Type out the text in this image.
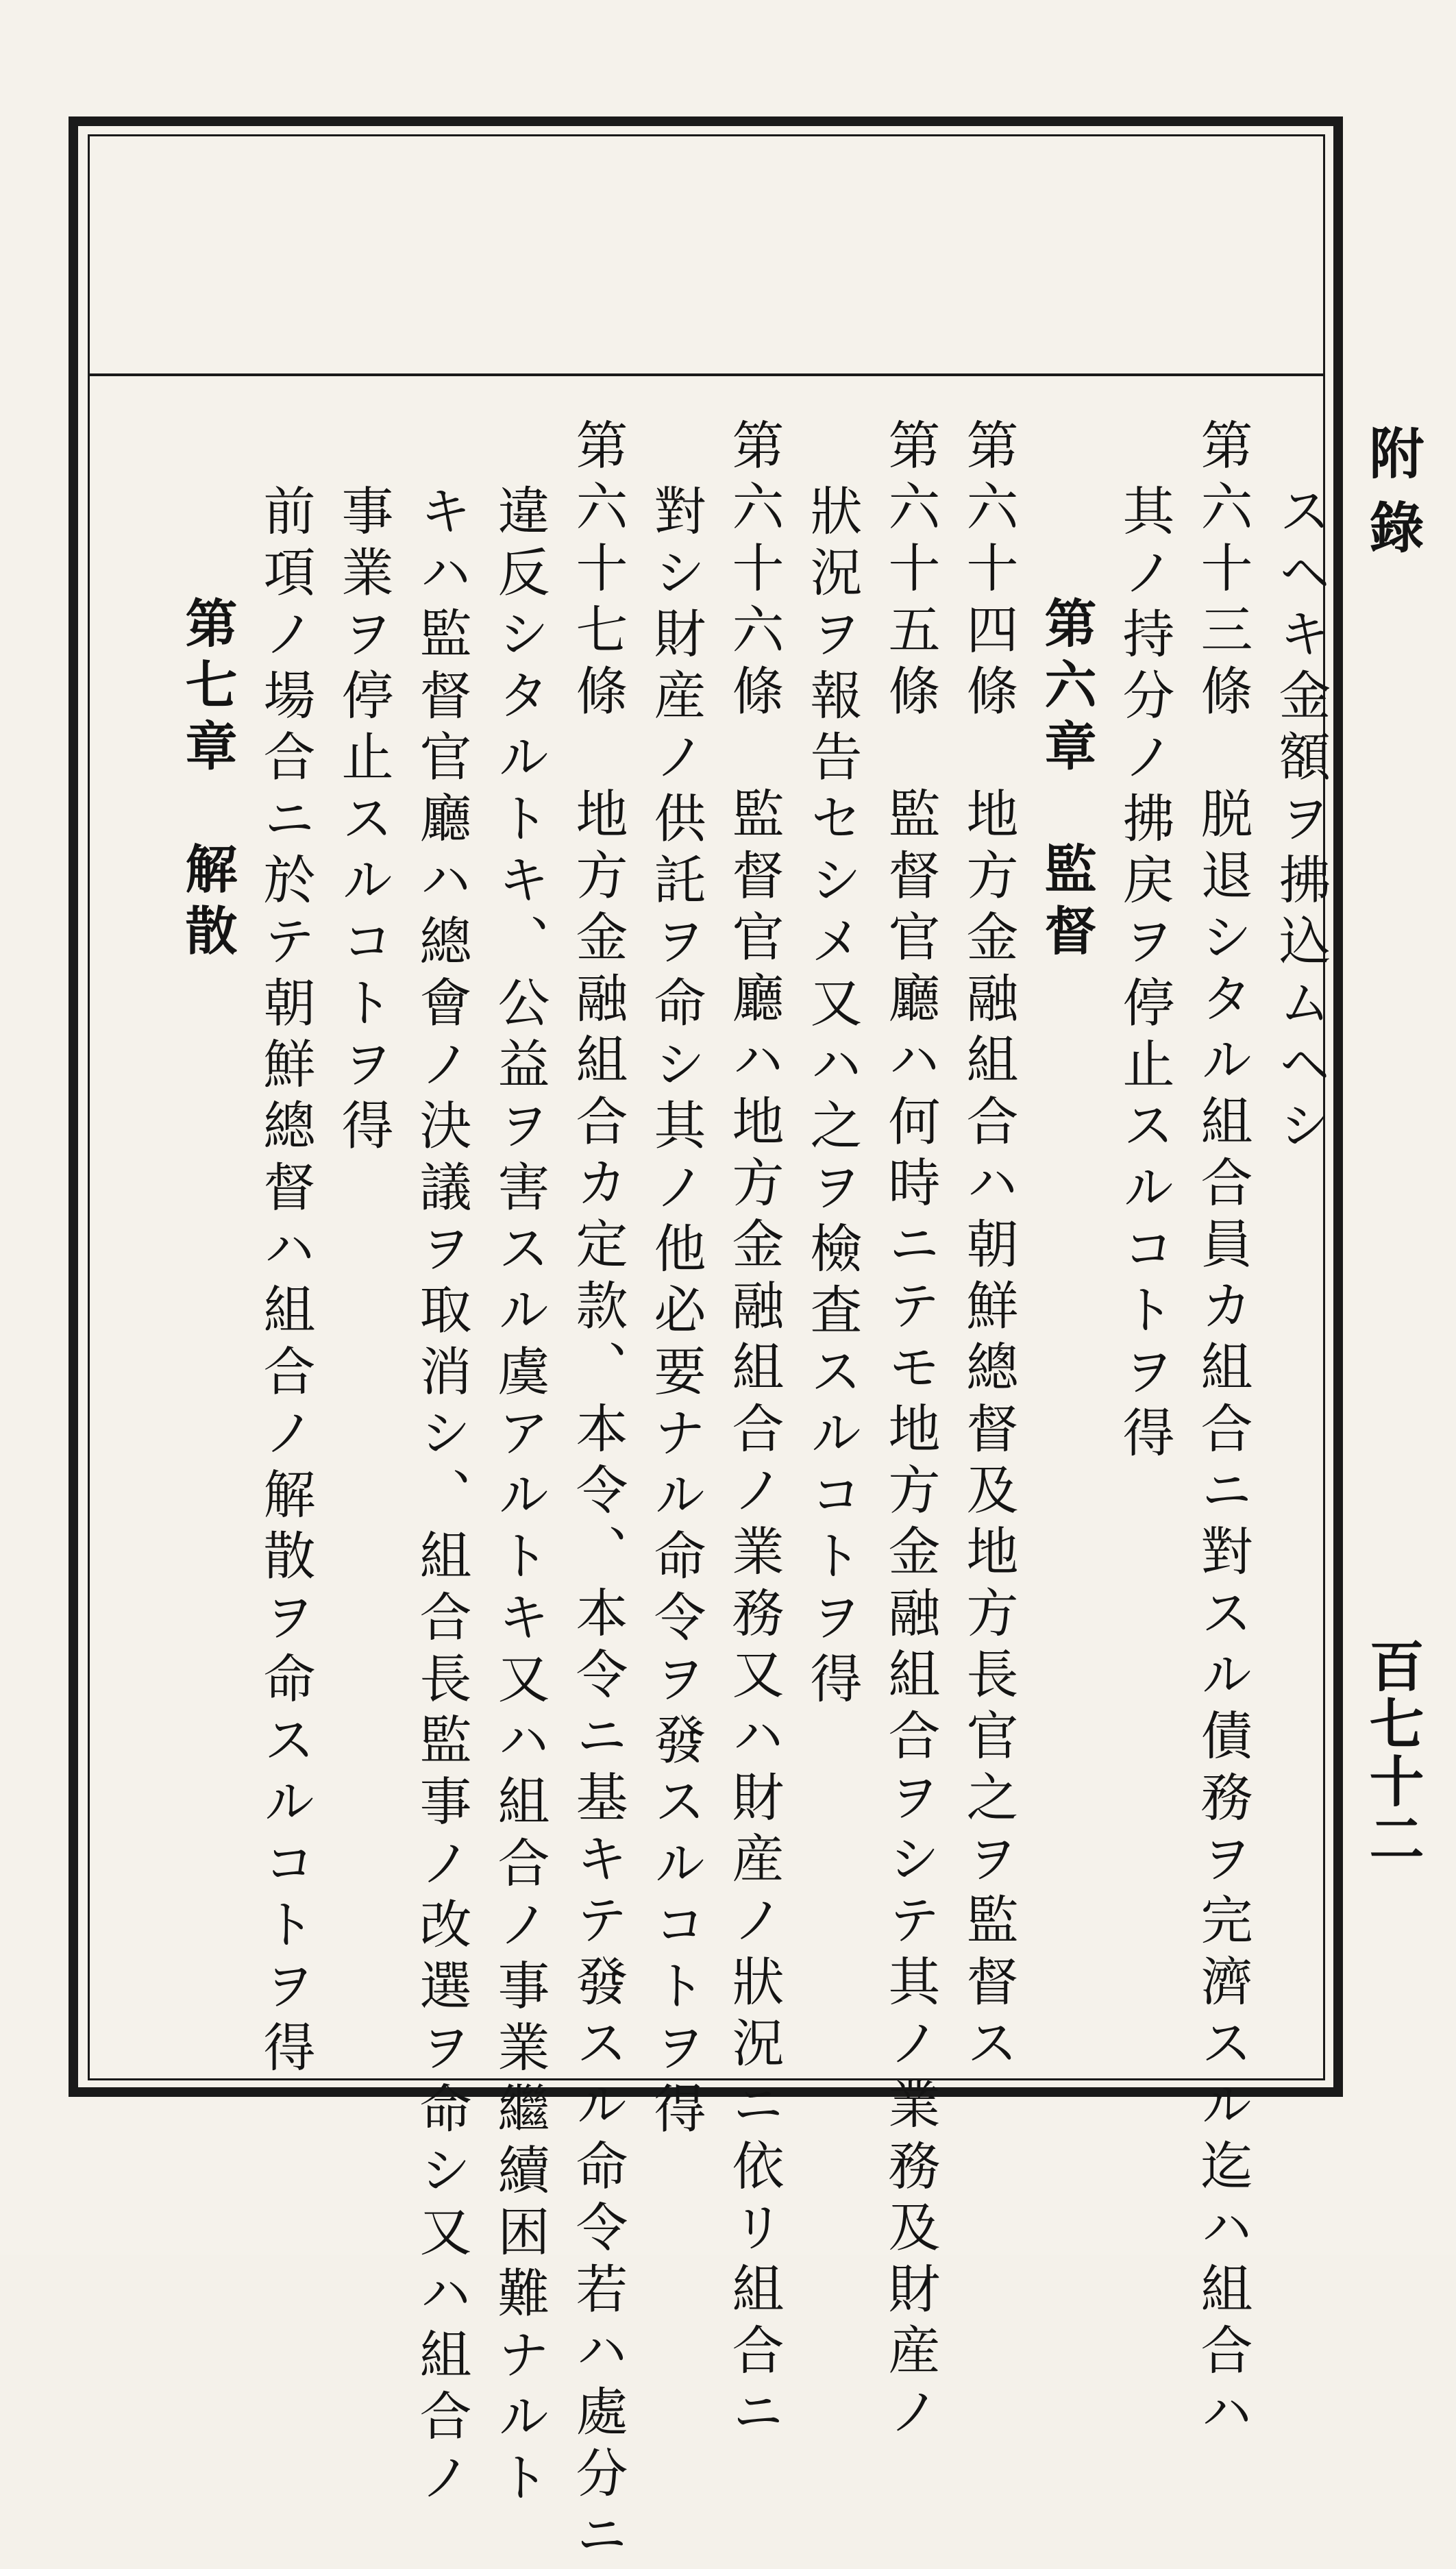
スヘキ金額ヲ拂込ムヘシ
第六十三條　脱退シタル組合員カ組合ニ對スル債務ヲ完濟スル迄ハ組合ハ
其ノ持分ノ拂戻ヲ停止スルコトヲ得
第六章　監督
第六十四條　地方金融組合ハ朝鮮總督及地方長官之ヲ監督ス
第六十五條　監督官廳ハ何時ニテモ地方金融組合ヲシテ其ノ業務及財産ノ
狀況ヲ報告セシメ又ハ之ヲ檢査スルコトヲ得
第六十六條　監督官廳ハ地方金融組合ノ業務又ハ財産ノ狀況ニ依リ組合ニ
對シ財産ノ供託ヲ命シ其ノ他必要ナル命令ヲ發スルコトヲ得
第六十七條　地方金融組合カ定款、本令、本令ニ基キテ發スル命令若ハ處分ニ
違反シタルトキ、公益ヲ害スル虞アルトキ又ハ組合ノ事業繼續困難ナルト
キハ監督官廳ハ總會ノ決議ヲ取消シ、組合長監事ノ改選ヲ命シ又ハ組合ノ
事業ヲ停止スルコトヲ得
前項ノ場合ニ於テ朝鮮總督ハ組合ノ解散ヲ命スルコトヲ得
第七章　解散
附錄
百七十二
